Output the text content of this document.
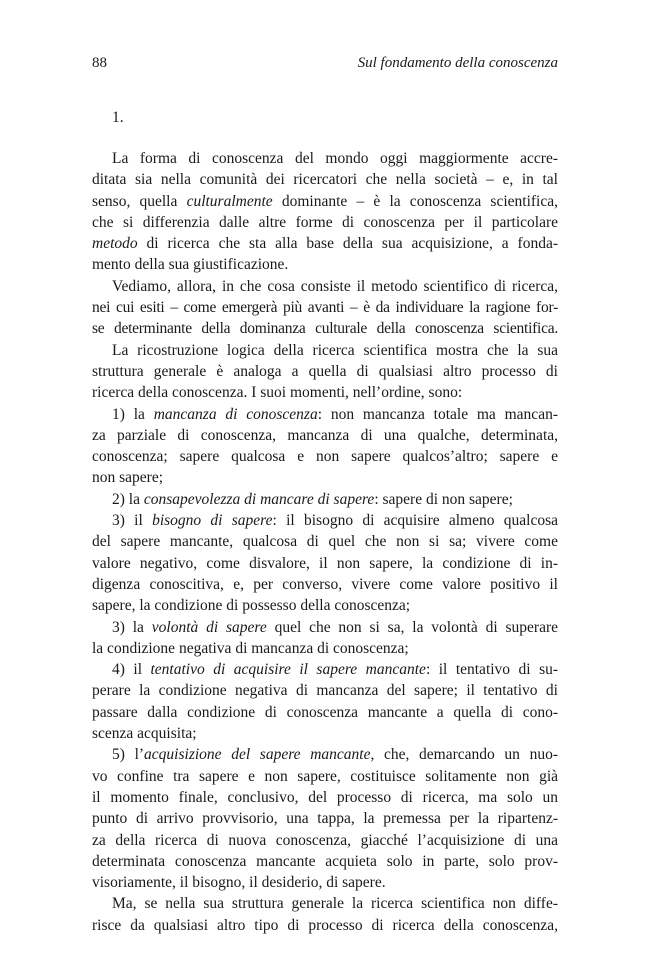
88	Sul fondamento della conoscenza
1.
La forma di conoscenza del mondo oggi maggiormente accre-
ditata sia nella comunità dei ricercatori che nella società – e, in tal
senso, quella culturalmente dominante – è la conoscenza scientifica,
che si differenzia dalle altre forme di conoscenza per il particolare
metodo di ricerca che sta alla base della sua acquisizione, a fonda-
mento della sua giustificazione.
Vediamo, allora, in che cosa consiste il metodo scientifico di ricerca,
nei cui esiti – come emergerà più avanti – è da individuare la ragione for-
se determinante della dominanza culturale della conoscenza scientifica.
La ricostruzione logica della ricerca scientifica mostra che la sua
struttura generale è analoga a quella di qualsiasi altro processo di
ricerca della conoscenza. I suoi momenti, nell’ordine, sono:
1) la mancanza di conoscenza: non mancanza totale ma mancan-
za parziale di conoscenza, mancanza di una qualche, determinata,
conoscenza; sapere qualcosa e non sapere qualcos’altro; sapere e
non sapere;
2) la consapevolezza di mancare di sapere: sapere di non sapere;
3) il bisogno di sapere: il bisogno di acquisire almeno qualcosa
del sapere mancante, qualcosa di quel che non si sa; vivere come
valore negativo, come disvalore, il non sapere, la condizione di in-
digenza conoscitiva, e, per converso, vivere come valore positivo il
sapere, la condizione di possesso della conoscenza;
3) la volontà di sapere quel che non si sa, la volontà di superare
la condizione negativa di mancanza di conoscenza;
4) il tentativo di acquisire il sapere mancante: il tentativo di su-
perare la condizione negativa di mancanza del sapere; il tentativo di
passare dalla condizione di conoscenza mancante a quella di cono-
scenza acquisita;
5) l’acquisizione del sapere mancante, che, demarcando un nuo-
vo confine tra sapere e non sapere, costituisce solitamente non già
il momento finale, conclusivo, del processo di ricerca, ma solo un
punto di arrivo provvisorio, una tappa, la premessa per la ripartenz-
za della ricerca di nuova conoscenza, giacché l’acquisizione di una
determinata conoscenza mancante acquieta solo in parte, solo prov-
visoriamente, il bisogno, il desiderio, di sapere.
Ma, se nella sua struttura generale la ricerca scientifica non diffe-
risce da qualsiasi altro tipo di processo di ricerca della conoscenza,
